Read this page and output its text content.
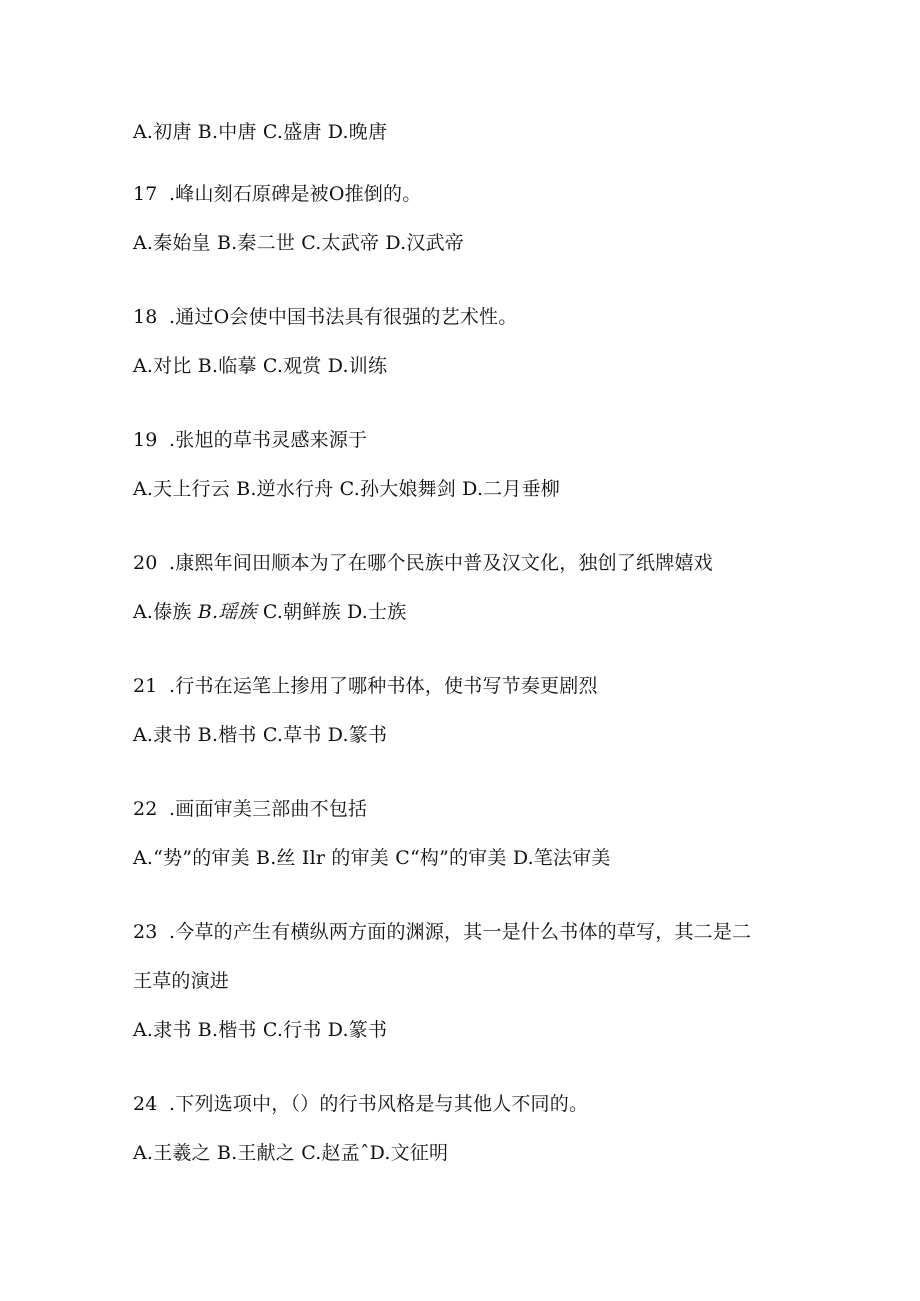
A.初唐 B.中唐 C.盛唐 D.晚唐
17 .峰山刻石原碑是被O推倒的。
A.秦始皇 B.秦二世 C.太武帝 D.汉武帝
18 .通过O会使中国书法具有很强的艺术性。
A.对比 B.临摹 C.观赏 D.训练
19 .张旭的草书灵感来源于
A.天上行云 B.逆水行舟 C.孙大娘舞剑 D.二月垂柳
20 .康熙年间田顺本为了在哪个民族中普及汉文化，独创了纸牌嬉戏
A.傣族 B.瑶族 C.朝鲜族 D.士族
21 .行书在运笔上掺用了哪种书体，使书写节奏更剧烈
A.隶书 B.楷书 C.草书 D.篆书
22 .画面审美三部曲不包括
A.“势”的审美 B.丝 Ilr 的审美 C“构”的审美 D.笔法审美
23 .今草的产生有横纵两方面的渊源，其一是什么书体的草写，其二是二
王草的演进
A.隶书 B.楷书 C.行书 D.篆书
24 .下列选项中，（）的行书风格是与其他人不同的。
A.王羲之 B.王献之 C.赵孟ˆD.文征明
